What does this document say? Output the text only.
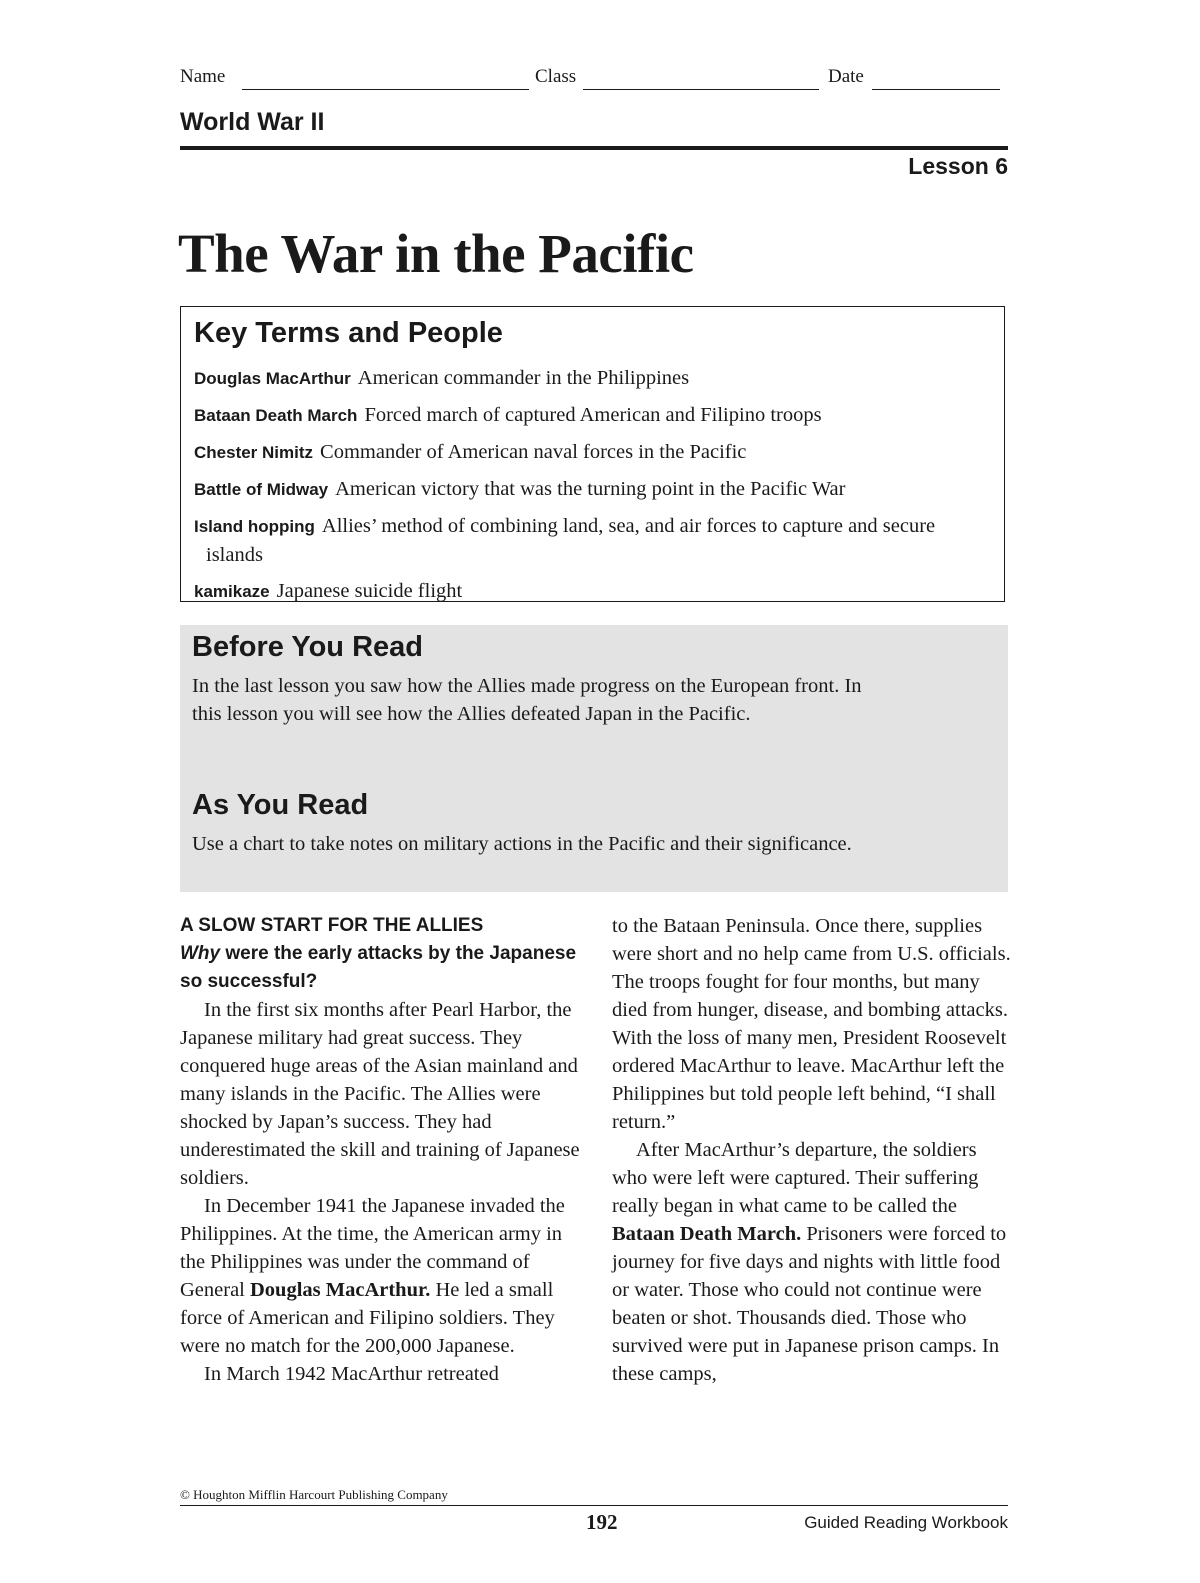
Name	Class	Date
World War II
Lesson 6
The War in the Pacific
Key Terms and People
Douglas MacArthur American commander in the Philippines
Bataan Death March Forced march of captured American and Filipino troops
Chester Nimitz Commander of American naval forces in the Pacific
Battle of Midway American victory that was the turning point in the Pacific War
Island hopping Allies’ method of combining land, sea, and air forces to capture and secure islands
kamikaze Japanese suicide flight
Before You Read

In the last lesson you saw how the Allies made progress on the European front. In this lesson you will see how the Allies defeated Japan in the Pacific.

As You Read

Use a chart to take notes on military actions in the Pacific and their significance.

A SLOW START FOR THE ALLIES

Why were the early attacks by the Japanese so successful?

In the first six months after Pearl Harbor, the Japanese military had great success. They conquered huge areas of the Asian mainland and many islands in the Pacific. The Allies were shocked by Japan’s success. They had underestimated the skill and training of Japanese soldiers.

In December 1941 the Japanese invaded the Philippines. At the time, the American army in the Philippines was under the command of General Douglas MacArthur. He led a small force of American and Filipino soldiers. They were no match for the 200,000 Japanese.

In March 1942 MacArthur retreated

to the Bataan Peninsula. Once there, supplies were short and no help came from U.S. officials. The troops fought for four months, but many died from hunger, disease, and bombing attacks. With the loss of many men, President Roosevelt ordered MacArthur to leave. MacArthur left the Philippines but told people left behind, “I shall return.”

After MacArthur’s departure, the soldiers who were left were captured. Their suffering really began in what came to be called the Bataan Death March. Prisoners were forced to journey for five days and nights with little food or water. Those who could not continue were beaten or shot. Thousands died. Those who survived were put in Japanese prison camps. In these camps,

© Houghton Mifflin Harcourt Publishing Company
192	Guided Reading Workbook
